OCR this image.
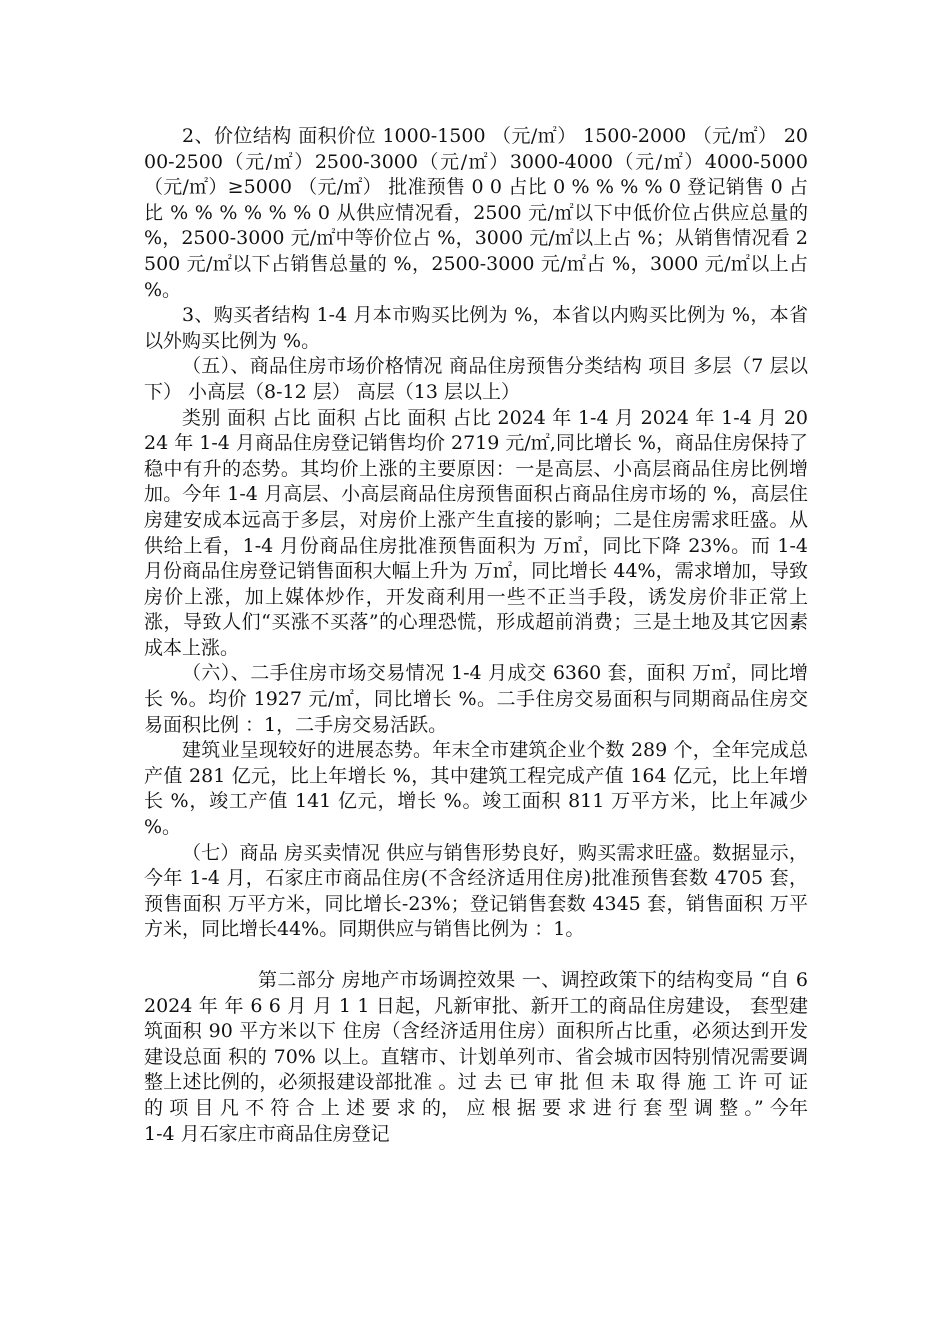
2、价位结构 面积价位 1000-1500 （元/㎡） 1500-2000 （元/㎡） 2000-2500（元/㎡）2500-3000（元/㎡）3000-4000（元/㎡）4000-5000（元/㎡）≥5000 （元/㎡） 批准预售 0 0 占比 0 % % % % 0 登记销售 0 占比 % % % % % % 0 从供应情况看，2500 元/㎡以下中低价位占供应总量的 %，2500-3000 元/㎡中等价位占 %，3000 元/㎡以上占 %；从销售情况看 2500 元/㎡以下占销售总量的 %，2500-3000 元/㎡占 %，3000 元/㎡以上占 %。

3、购买者结构 1-4 月本市购买比例为 %，本省以内购买比例为 %，本省以外购买比例为 %。

（五）、商品住房市场价格情况 商品住房预售分类结构 项目 多层（7 层以下） 小高层（8-12 层） 高层（13 层以上）

类别 面积 占比 面积 占比 面积 占比 2024 年 1-4 月 2024 年 1-4 月 2024 年 1-4 月商品住房登记销售均价 2719 元/㎡,同比增长 %，商品住房保持了稳中有升的态势。其均价上涨的主要原因：一是高层、小高层商品住房比例增加。今年 1-4 月高层、小高层商品住房预售面积占商品住房市场的 %，高层住房建安成本远高于多层，对房价上涨产生直接的影响；二是住房需求旺盛。从供给上看，1-4 月份商品住房批准预售面积为 万㎡，同比下降 23%。而 1-4 月份商品住房登记销售面积大幅上升为 万㎡，同比增长 44%，需求增加，导致房价上涨，加上媒体炒作，开发商利用一些不正当手段，诱发房价非正常上涨，导致人们“买涨不买落”的心理恐慌，形成超前消费；三是土地及其它因素成本上涨。

（六）、二手住房市场交易情况 1-4 月成交 6360 套，面积 万㎡，同比增长 %。均价 1927 元/㎡，同比增长 %。二手住房交易面积与同期商品住房交易面积比例 ：1，二手房交易活跃。

建筑业呈现较好的进展态势。年末全市建筑企业个数 289 个，全年完成总产值 281 亿元，比上年增长 %，其中建筑工程完成产值 164 亿元，比上年增长 %，竣工产值 141 亿元，增长 %。竣工面积 811 万平方米，比上年减少 %。

（七）商品 房买卖情况 供应与销售形势良好，购买需求旺盛。数据显示，今年 1-4 月，石家庄市商品住房(不含经济适用住房)批准预售套数 4705 套，预售面积 万平方米，同比增长-23%；登记销售套数 4345 套，销售面积 万平方米，同比增长44%。同期供应与销售比例为 ：1。

第二部分 房地产市场调控效果 一、调控政策下的结构变局 “自 6 2024 年 年 6 6 月 月 1 1 日起，凡新审批、新开工的商品住房建设， 套型建筑面积 90 平方米以下 住房（含经济适用住房）面积所占比重，必须达到开发建设总面 积的 70% 以上。直辖市、计划单列市、省会城市因特别情况需要调整上述比例的，必须报建设部批准 。过 去 已 审 批 但 未 取 得 施 工 许 可 证 的 项 目 凡 不 符 合 上 述 要 求 的， 应 根 据 要 求 进 行 套 型 调 整 。” 今年 1-4 月石家庄市商品住房登记
